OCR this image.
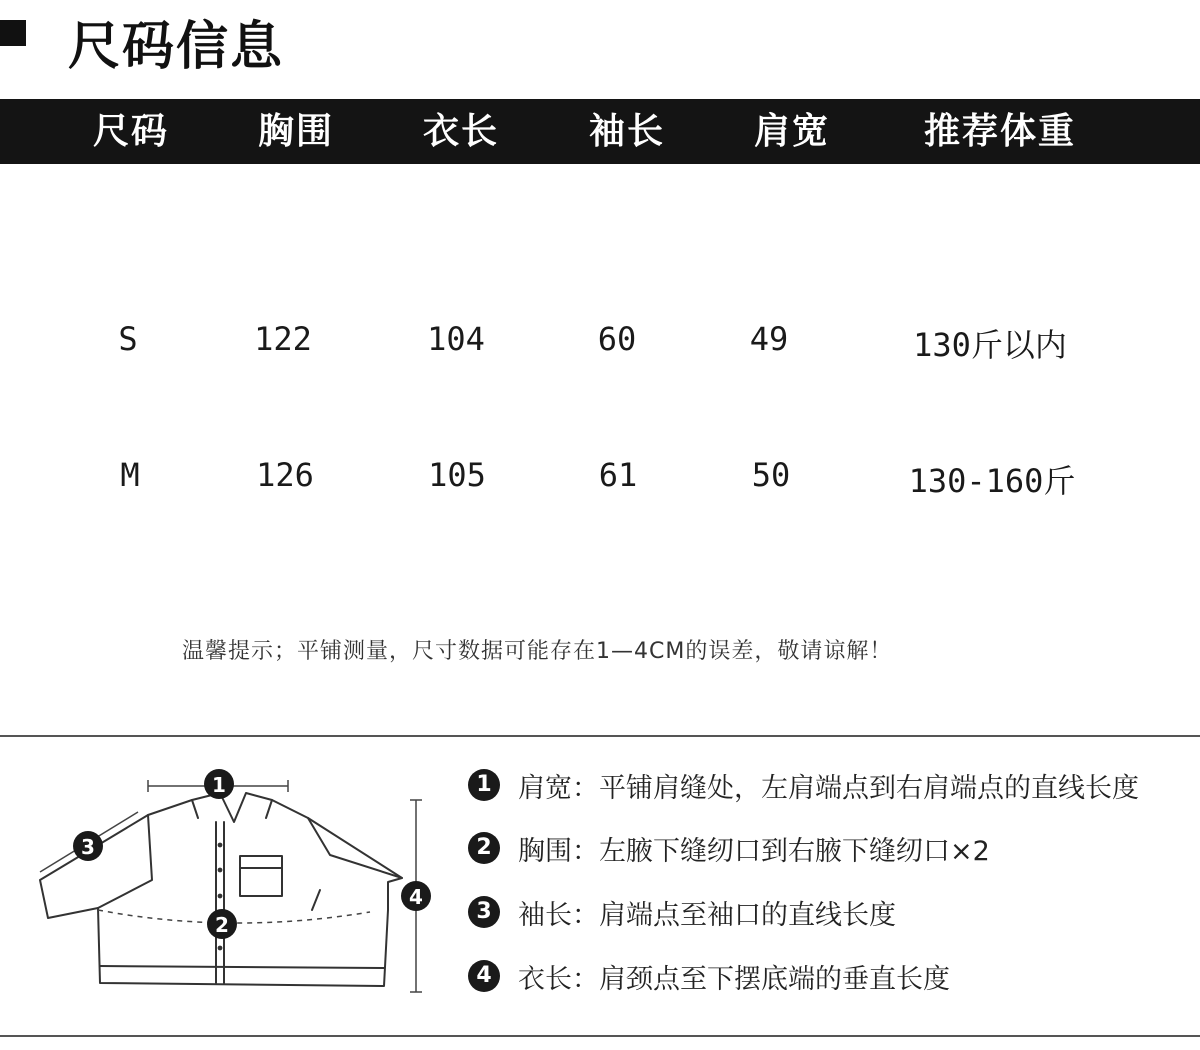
尺码信息
尺码 胸围 衣长 袖长 肩宽	推荐体重
S	122	104	60	49	130斤以内
M	126	105	61	50	130-160斤
温馨提示；平铺测量，尺寸数据可能存在1—4CM的误差，敬请谅解！
1
2
3
4
1 肩宽：平铺肩缝处，左肩端点到右肩端点的直线长度
2 胸围：左腋下缝纫口到右腋下缝纫口×2
3 袖长：肩端点至袖口的直线长度
4 衣长：肩颈点至下摆底端的垂直长度
